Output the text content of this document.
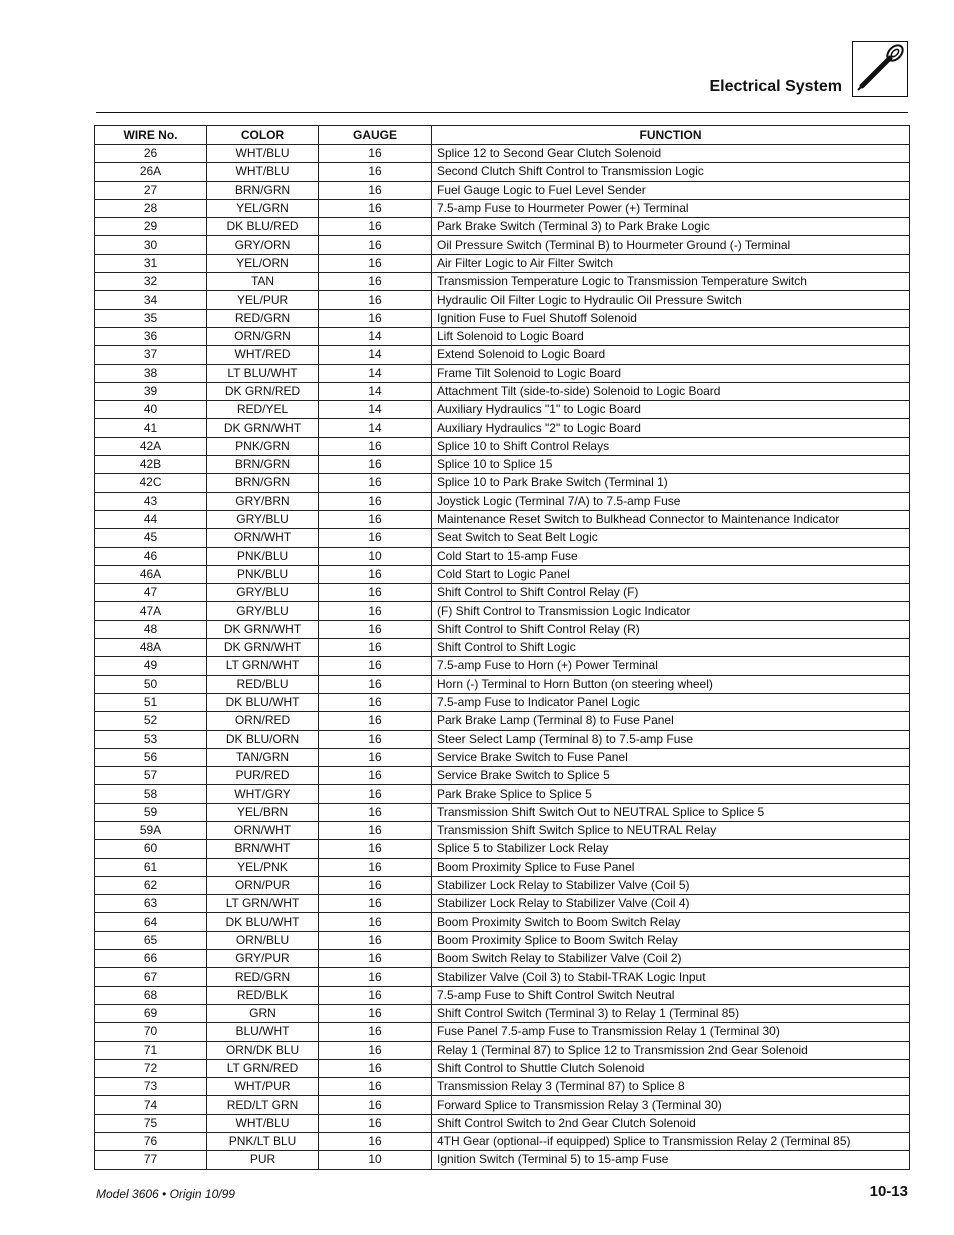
Electrical System
WIRE No.	COLOR	GAUGE	FUNCTION
26	WHT/BLU	16	Splice 12 to Second Gear Clutch Solenoid
26A	WHT/BLU	16	Second Clutch Shift Control to Transmission Logic
27	BRN/GRN	16	Fuel Gauge Logic to Fuel Level Sender
28	YEL/GRN	16	7.5-amp Fuse to Hourmeter Power (+) Terminal
29	DK BLU/RED	16	Park Brake Switch (Terminal 3) to Park Brake Logic
30	GRY/ORN	16	Oil Pressure Switch (Terminal B) to Hourmeter Ground (-) Terminal
31	YEL/ORN	16	Air Filter Logic to Air Filter Switch
32	TAN	16	Transmission Temperature Logic to Transmission Temperature Switch
34	YEL/PUR	16	Hydraulic Oil Filter Logic to Hydraulic Oil Pressure Switch
35	RED/GRN	16	Ignition Fuse to Fuel Shutoff Solenoid
36	ORN/GRN	14	Lift Solenoid to Logic Board
37	WHT/RED	14	Extend Solenoid to Logic Board
38	LT BLU/WHT	14	Frame Tilt Solenoid to Logic Board
39	DK GRN/RED	14	Attachment Tilt (side-to-side) Solenoid to Logic Board
40	RED/YEL	14	Auxiliary Hydraulics "1" to Logic Board
41	DK GRN/WHT	14	Auxiliary Hydraulics "2" to Logic Board
42A	PNK/GRN	16	Splice 10 to Shift Control Relays
42B	BRN/GRN	16	Splice 10 to Splice 15
42C	BRN/GRN	16	Splice 10 to Park Brake Switch (Terminal 1)
43	GRY/BRN	16	Joystick Logic (Terminal 7/A) to 7.5-amp Fuse
44	GRY/BLU	16	Maintenance Reset Switch to Bulkhead Connector to Maintenance Indicator
45	ORN/WHT	16	Seat Switch to Seat Belt Logic
46	PNK/BLU	10	Cold Start to 15-amp Fuse
46A	PNK/BLU	16	Cold Start to Logic Panel
47	GRY/BLU	16	Shift Control to Shift Control Relay (F)
47A	GRY/BLU	16	(F) Shift Control to Transmission Logic Indicator
48	DK GRN/WHT	16	Shift Control to Shift Control Relay (R)
48A	DK GRN/WHT	16	Shift Control to Shift Logic
49	LT GRN/WHT	16	7.5-amp Fuse to Horn (+) Power Terminal
50	RED/BLU	16	Horn (-) Terminal to Horn Button (on steering wheel)
51	DK BLU/WHT	16	7.5-amp Fuse to Indicator Panel Logic
52	ORN/RED	16	Park Brake Lamp (Terminal 8) to Fuse Panel
53	DK BLU/ORN	16	Steer Select Lamp (Terminal 8) to 7.5-amp Fuse
56	TAN/GRN	16	Service Brake Switch to Fuse Panel
57	PUR/RED	16	Service Brake Switch to Splice 5
58	WHT/GRY	16	Park Brake Splice to Splice 5
59	YEL/BRN	16	Transmission Shift Switch Out to NEUTRAL Splice to Splice 5
59A	ORN/WHT	16	Transmission Shift Switch Splice to NEUTRAL Relay
60	BRN/WHT	16	Splice 5 to Stabilizer Lock Relay
61	YEL/PNK	16	Boom Proximity Splice to Fuse Panel
62	ORN/PUR	16	Stabilizer Lock Relay to Stabilizer Valve (Coil 5)
63	LT GRN/WHT	16	Stabilizer Lock Relay to Stabilizer Valve (Coil 4)
64	DK BLU/WHT	16	Boom Proximity Switch to Boom Switch Relay
65	ORN/BLU	16	Boom Proximity Splice to Boom Switch Relay
66	GRY/PUR	16	Boom Switch Relay to Stabilizer Valve (Coil 2)
67	RED/GRN	16	Stabilizer Valve (Coil 3) to Stabil-TRAK Logic Input
68	RED/BLK	16	7.5-amp Fuse to Shift Control Switch Neutral
69	GRN	16	Shift Control Switch (Terminal 3) to Relay 1 (Terminal 85)
70	BLU/WHT	16	Fuse Panel 7.5-amp Fuse to Transmission Relay 1 (Terminal 30)
71	ORN/DK BLU	16	Relay 1 (Terminal 87) to Splice 12 to Transmission 2nd Gear Solenoid
72	LT GRN/RED	16	Shift Control to Shuttle Clutch Solenoid
73	WHT/PUR	16	Transmission Relay 3 (Terminal 87) to Splice 8
74	RED/LT GRN	16	Forward Splice to Transmission Relay 3 (Terminal 30)
75	WHT/BLU	16	Shift Control Switch to 2nd Gear Clutch Solenoid
76	PNK/LT BLU	16	4TH Gear (optional--if equipped) Splice to Transmission Relay 2 (Terminal 85)
77	PUR	10	Ignition Switch (Terminal 5) to 15-amp Fuse
Model 3606 • Origin 10/99	10-13
